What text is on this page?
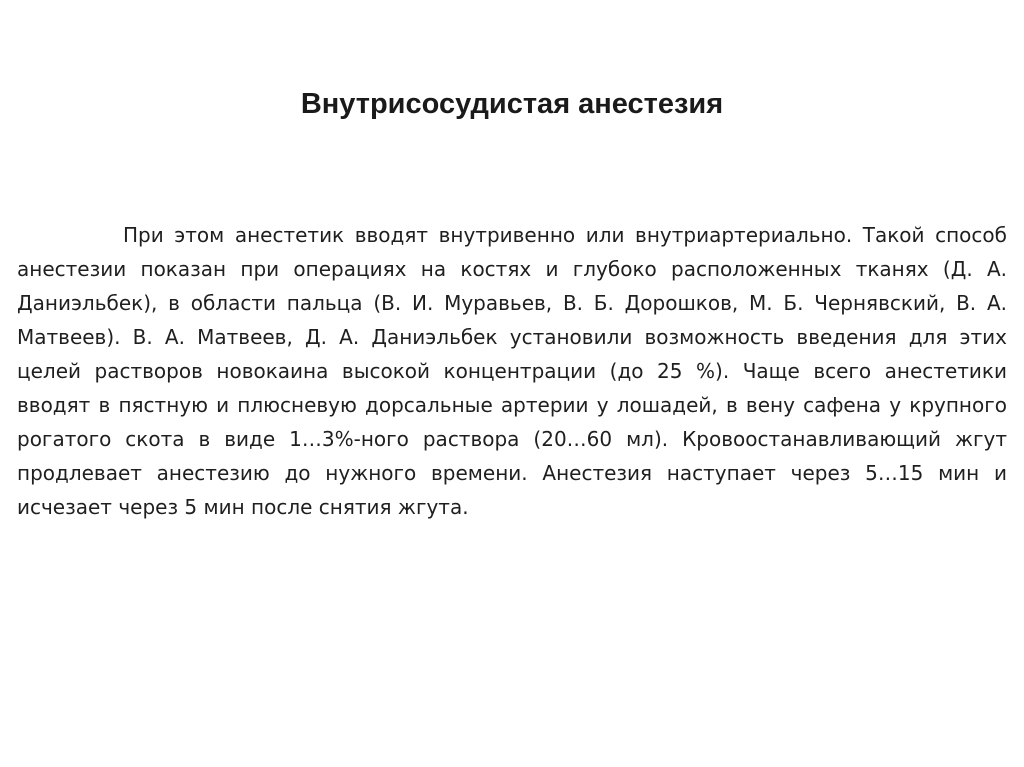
Внутрисосудистая анестезия

При этом анестетик вводят внутривенно или внутриартериально. Такой способ анестезии показан при операциях на костях и глубоко расположенных тканях (Д. А. Даниэльбек), в области пальца (В. И. Муравьев, В. Б. Дорошков, М. Б. Чернявский, В. А. Матвеев). В. А. Матвеев, Д. А. Даниэльбек установили возможность введения для этих целей растворов новокаина высокой концентрации (до 25 %). Чаще всего анестетики вводят в пястную и плюсневую дорсальные артерии у лошадей, в вену сафена у крупного рогатого скота в виде 1…3%-ного раствора (20…60 мл). Кровоостанавливающий жгут продлевает анестезию до нужного времени. Анестезия наступает через 5…15 мин и исчезает через 5 мин после снятия жгута.
